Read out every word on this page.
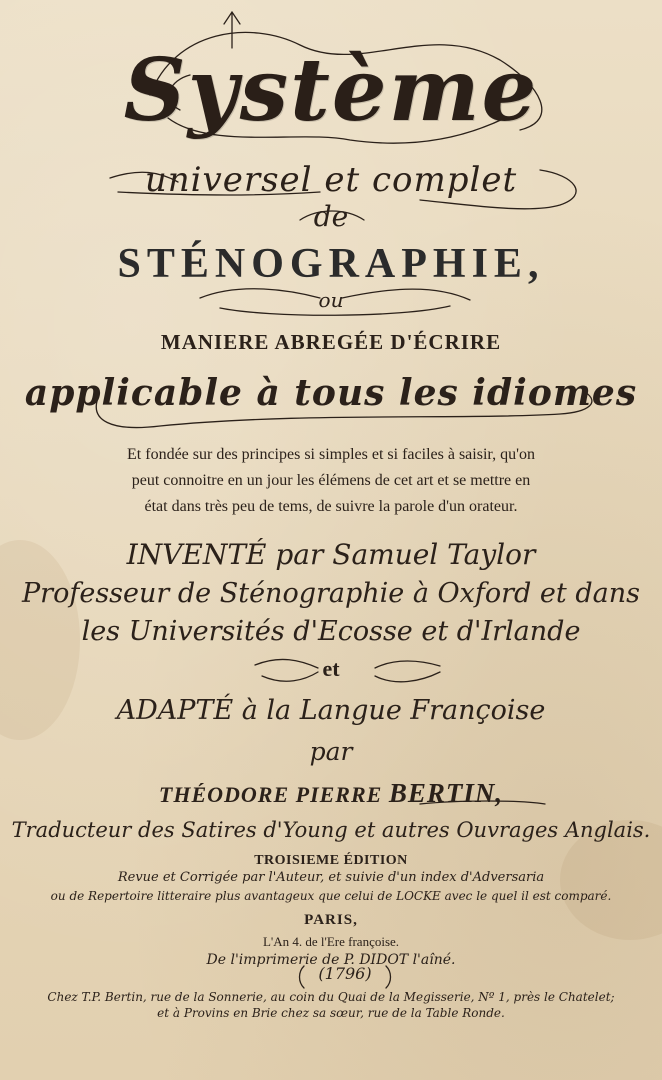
Système
universel et complet
de
STÉNOGRAPHIE,
ou
MANIERE ABREGÉE D'ÉCRIRE
applicable à tous les idiomes
Et fondée sur des principes si simples et si faciles à saisir, qu'on
peut connoitre en un jour les élémens de cet art et se mettre en
état dans très peu de tems, de suivre la parole d'un orateur.
INVENTÉ par Samuel Taylor
Professeur de Sténographie à Oxford et dans
les Universités d'Ecosse et d'Irlande
et
ADAPTÉ à la Langue Françoise
par
THÉODORE PIERRE BERTIN,
Traducteur des Satires d'Young et autres Ouvrages Anglais.
TROISIEME ÉDITION
Revue et Corrigée par l'Auteur, et suivie d'un index d'Adversaria
ou de Repertoire litteraire plus avantageux que celui de LOCKE avec le quel il est comparé.
PARIS,
L'An 4. de l'Ere françoise.
De l'imprimerie de P. DIDOT l'aîné.
(1796)
Chez T.P. Bertin, rue de la Sonnerie, au coin du Quai de la Megisserie, Nº 1, près le Chatelet;
et à Provins en Brie chez sa sœur, rue de la Table Ronde.
